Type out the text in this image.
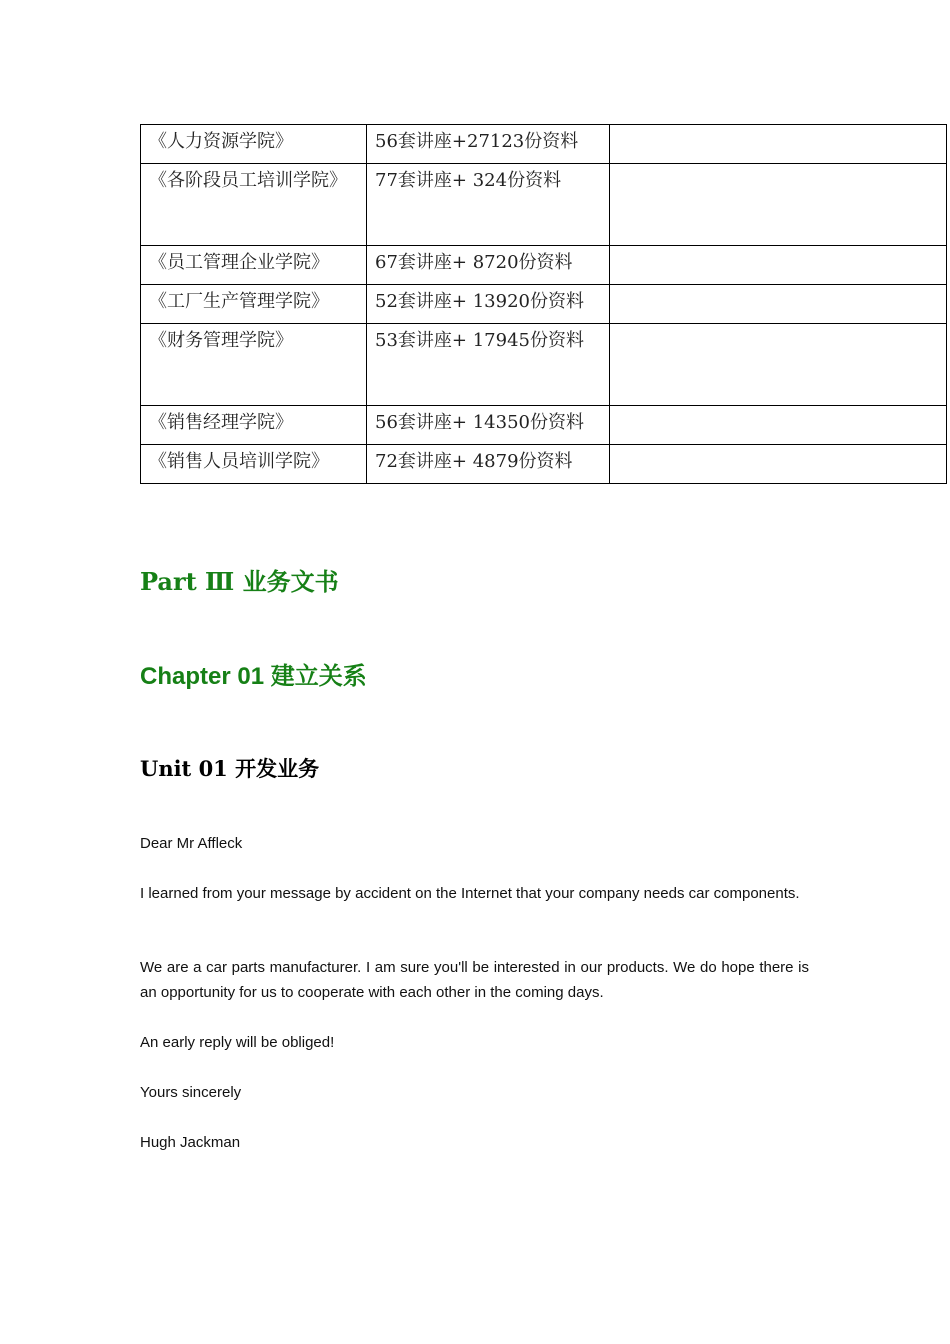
《人力资源学院》	56套讲座+27123份资料	

《各阶段员工培训学院》	77套讲座+ 324份资料	

《员工管理企业学院》	67套讲座+ 8720份资料	

《工厂生产管理学院》	52套讲座+ 13920份资料	

《财务管理学院》	53套讲座+ 17945份资料	

《销售经理学院》	56套讲座+ 14350份资料	

《销售人员培训学院》	72套讲座+ 4879份资料	

Part Ⅲ 业务文书
Chapter 01 建立关系
Unit 01 开发业务

Dear Mr Affleck

I learned from your message by accident on the Internet that your company needs car components.

We are a car parts manufacturer. I am sure you'll be interested in our products. We do hope there is an opportunity for us to cooperate with each other in the coming days.

An early reply will be obliged!

Yours sincerely

Hugh Jackman
